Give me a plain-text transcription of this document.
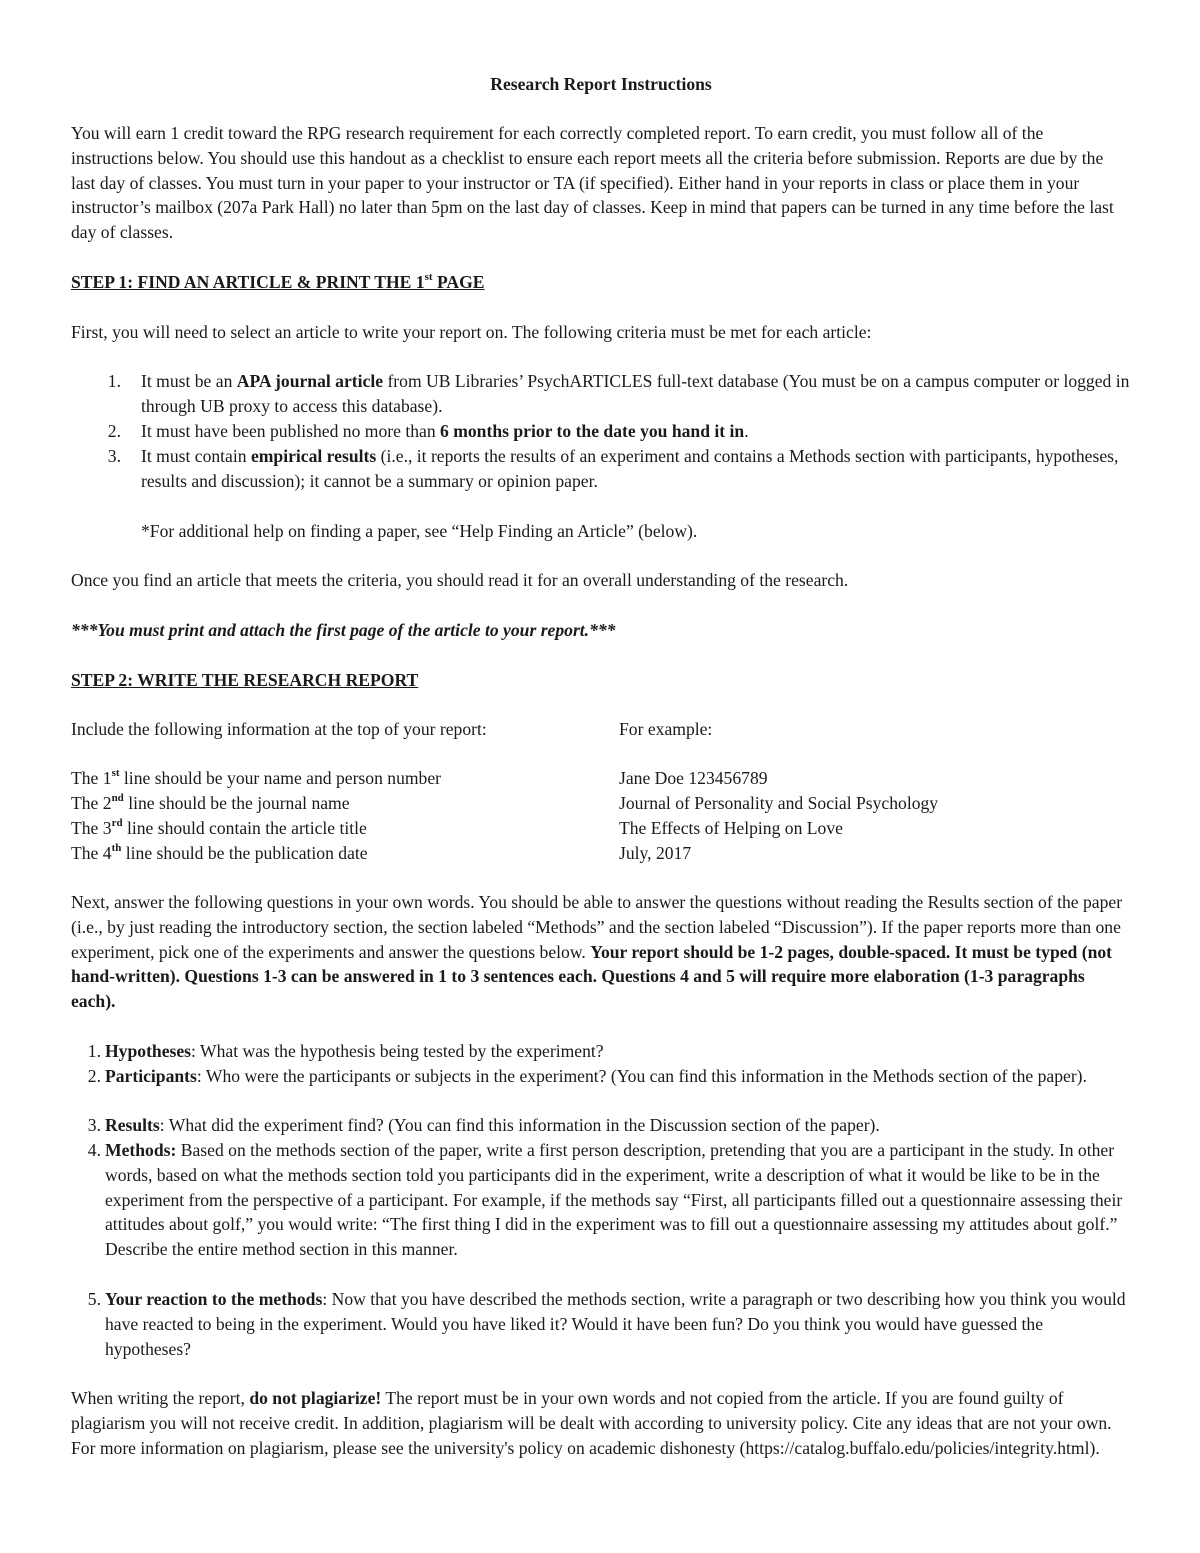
Research Report Instructions

You will earn 1 credit toward the RPG research requirement for each correctly completed report. To earn credit, you must follow all of the instructions below. You should use this handout as a checklist to ensure each report meets all the criteria before submission. Reports are due by the last day of classes. You must turn in your paper to your instructor or TA (if specified). Either hand in your reports in class or place them in your instructor’s mailbox (207a Park Hall) no later than 5pm on the last day of classes. Keep in mind that papers can be turned in any time before the last day of classes.

STEP 1: FIND AN ARTICLE & PRINT THE 1st PAGE

First, you will need to select an article to write your report on. The following criteria must be met for each article:

1. It must be an APA journal article from UB Libraries’ PsychARTICLES full-text database (You must be on a campus computer or logged in through UB proxy to access this database).
2. It must have been published no more than 6 months prior to the date you hand it in.
3. It must contain empirical results (i.e., it reports the results of an experiment and contains a Methods section with participants, hypotheses, results and discussion); it cannot be a summary or opinion paper.
*For additional help on finding a paper, see “Help Finding an Article” (below).

Once you find an article that meets the criteria, you should read it for an overall understanding of the research.

***You must print and attach the first page of the article to your report.***
STEP 2: WRITE THE RESEARCH REPORT
Include the following information at the top of your report:	For example:
The 1st line should be your name and person number	Jane Doe 123456789
The 2nd line should be the journal name	Journal of Personality and Social Psychology
The 3rd line should contain the article title	The Effects of Helping on Love
The 4th line should be the publication date	July, 2017

Next, answer the following questions in your own words. You should be able to answer the questions without reading the Results section of the paper (i.e., by just reading the introductory section, the section labeled “Methods” and the section labeled “Discussion”). If the paper reports more than one experiment, pick one of the experiments and answer the questions below. Your report should be 1-2 pages, double-spaced. It must be typed (not hand-written). Questions 1-3 can be answered in 1 to 3 sentences each. Questions 4 and 5 will require more elaboration (1-3 paragraphs each).

1. Hypotheses: What was the hypothesis being tested by the experiment?
2. Participants: Who were the participants or subjects in the experiment? (You can find this information in the Methods section of the paper).
3. Results: What did the experiment find? (You can find this information in the Discussion section of the paper).
4. Methods: Based on the methods section of the paper, write a first person description, pretending that you are a participant in the study. In other words, based on what the methods section told you participants did in the experiment, write a description of what it would be like to be in the experiment from the perspective of a participant. For example, if the methods say “First, all participants filled out a questionnaire assessing their attitudes about golf,” you would write: “The first thing I did in the experiment was to fill out a questionnaire assessing my attitudes about golf.” Describe the entire method section in this manner.
5. Your reaction to the methods: Now that you have described the methods section, write a paragraph or two describing how you think you would have reacted to being in the experiment. Would you have liked it? Would it have been fun? Do you think you would have guessed the hypotheses?

When writing the report, do not plagiarize! The report must be in your own words and not copied from the article. If you are found guilty of plagiarism you will not receive credit. In addition, plagiarism will be dealt with according to university policy. Cite any ideas that are not your own. For more information on plagiarism, please see the university's policy on academic dishonesty (https://catalog.buffalo.edu/policies/integrity.html).
